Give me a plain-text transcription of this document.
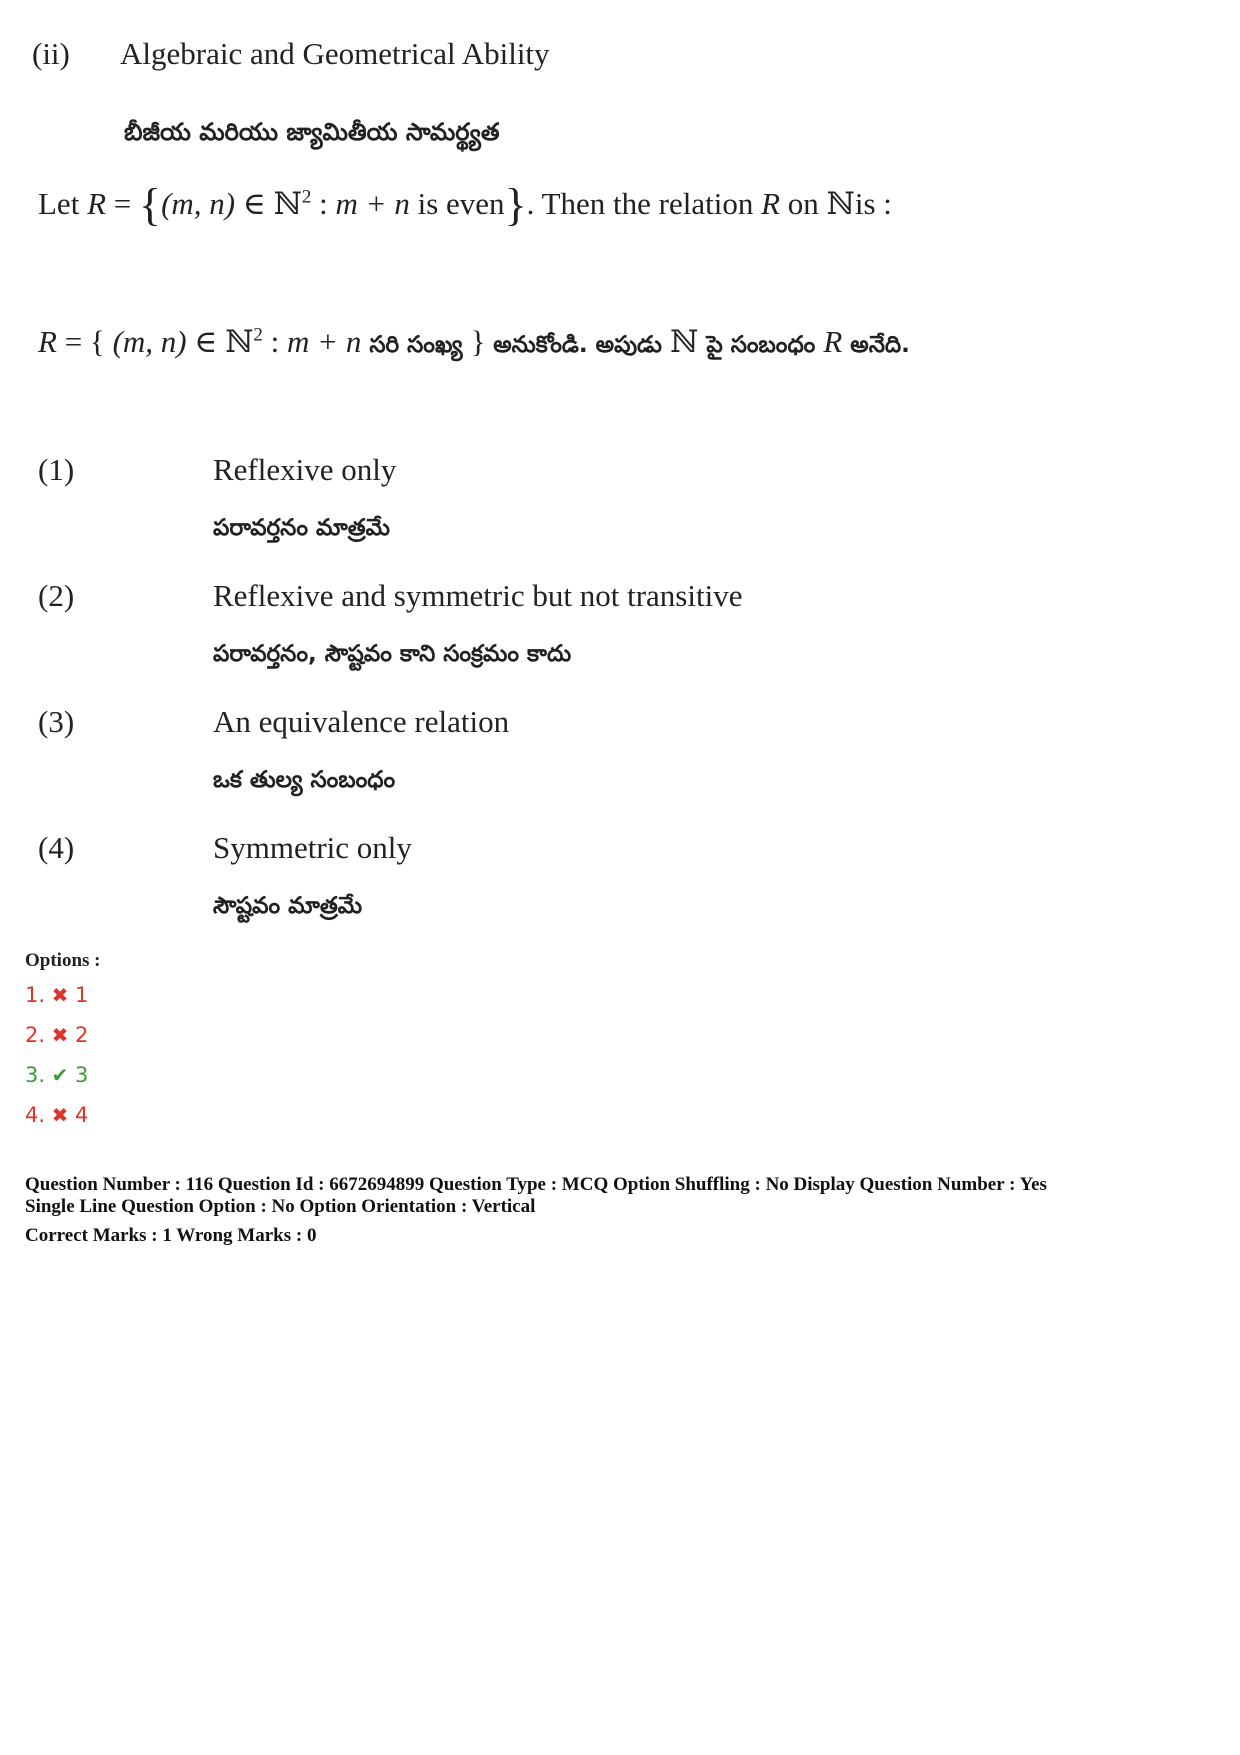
(ii) Algebraic and Geometrical Ability
బీజీయ మరియు జ్యామితీయ సామర్థ్యత
Let R = {(m, n) ∈ ℕ$^2$ : m + n is even}. Then the relation R on ℕis :
R = { (m, n) ∈ ℕ$^2$ : m + n సరి సంఖ్య } అనుకోండి. అపుడు ℕ పై సంబంధం R అనేది.
(1)	Reflexive only
పరావర్తనం మాత్రమే
(2)	Reflexive and symmetric but not transitive
పరావర్తనం, సౌష్టవం కాని సంక్రమం కాదు
(3)	An equivalence relation
ఒక తుల్య సంబంధం
(4)	Symmetric only
సౌష్టవం మాత్రమే
Options :
1. ✖ 1
2. ✖ 2
3. ✔ 3
4. ✖ 4
Question Number : 116 Question Id : 6672694899 Question Type : MCQ Option Shuffling : No Display Question Number : Yes
Single Line Question Option : No Option Orientation : Vertical
Correct Marks : 1 Wrong Marks : 0
